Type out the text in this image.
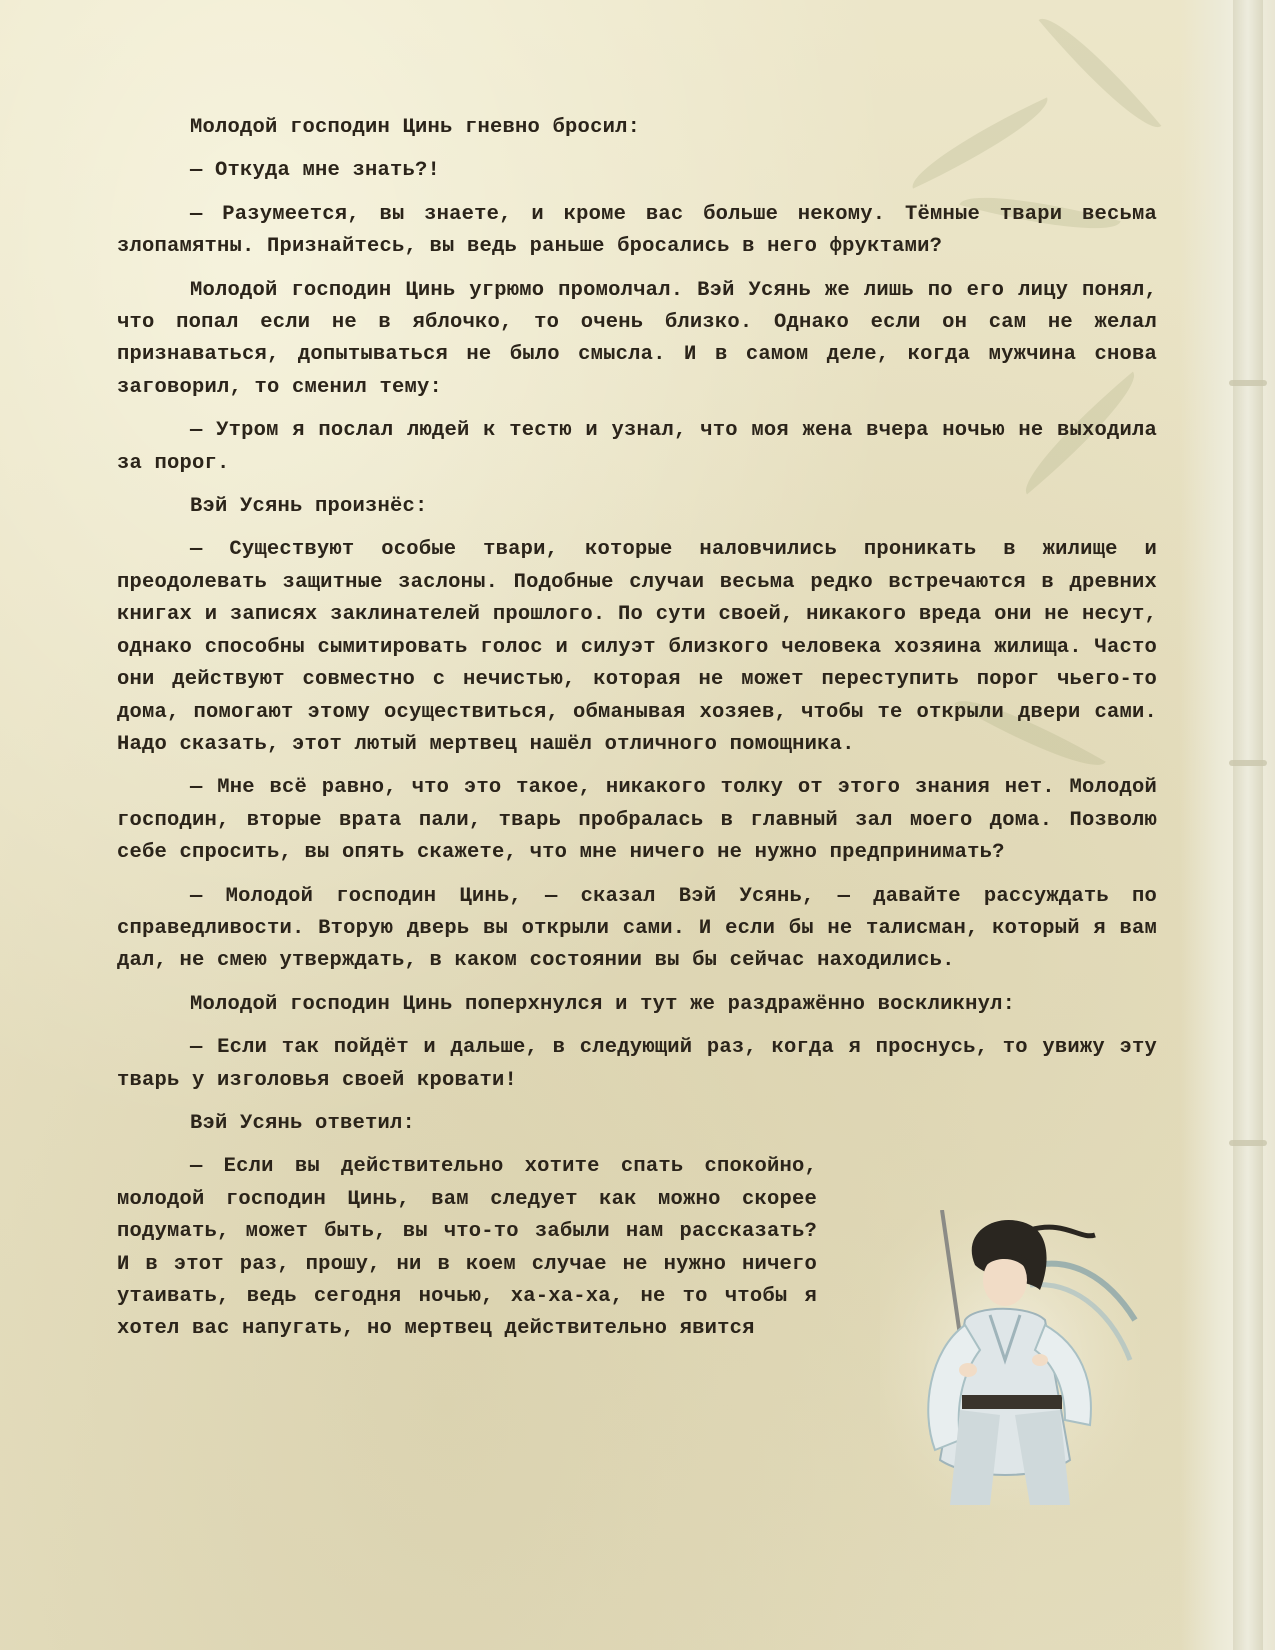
Молодой господин Цинь гневно бросил:

— Откуда мне знать?!

— Разумеется, вы знаете, и кроме вас больше некому. Тёмные твари весьма злопамятны. Признайтесь, вы ведь раньше бросались в него фруктами?

Молодой господин Цинь угрюмо промолчал. Вэй Усянь же лишь по его лицу понял, что попал если не в яблочко, то очень близко. Однако если он сам не желал признаваться, допытываться не было смысла. И в самом деле, когда мужчина снова заговорил, то сменил тему:

— Утром я послал людей к тестю и узнал, что моя жена вчера ночью не выходила за порог.

Вэй Усянь произнёс:

— Существуют особые твари, которые наловчились проникать в жилище и преодолевать защитные заслоны. Подобные случаи весьма редко встречаются в древних книгах и записях заклинателей прошлого. По сути своей, никакого вреда они не несут, однако способны сымитировать голос и силуэт близкого человека хозяина жилища. Часто они действуют совместно с нечистью, которая не может переступить порог чьего-то дома, помогают этому осуществиться, обманывая хозяев, чтобы те открыли двери сами. Надо сказать, этот лютый мертвец нашёл отличного помощника.

— Мне всё равно, что это такое, никакого толку от этого знания нет. Молодой господин, вторые врата пали, тварь пробралась в главный зал моего дома. Позволю себе спросить, вы опять скажете, что мне ничего не нужно предпринимать?

— Молодой господин Цинь, — сказал Вэй Усянь, — давайте рассуждать по справедливости. Вторую дверь вы открыли сами. И если бы не талисман, который я вам дал, не смею утверждать, в каком состоянии вы бы сейчас находились.

Молодой господин Цинь поперхнулся и тут же раздражённо воскликнул:

— Если так пойдёт и дальше, в следующий раз, когда я проснусь, то увижу эту тварь у изголовья своей кровати!

Вэй Усянь ответил:

— Если вы действительно хотите спать спокойно, молодой господин Цинь, вам следует как можно скорее подумать, может быть, вы что-то забыли нам рассказать? И в этот раз, прошу, ни в коем случае не нужно ничего утаивать, ведь сегодня ночью, ха-ха-ха, не то чтобы я хотел вас напугать, но мертвец действительно явится
